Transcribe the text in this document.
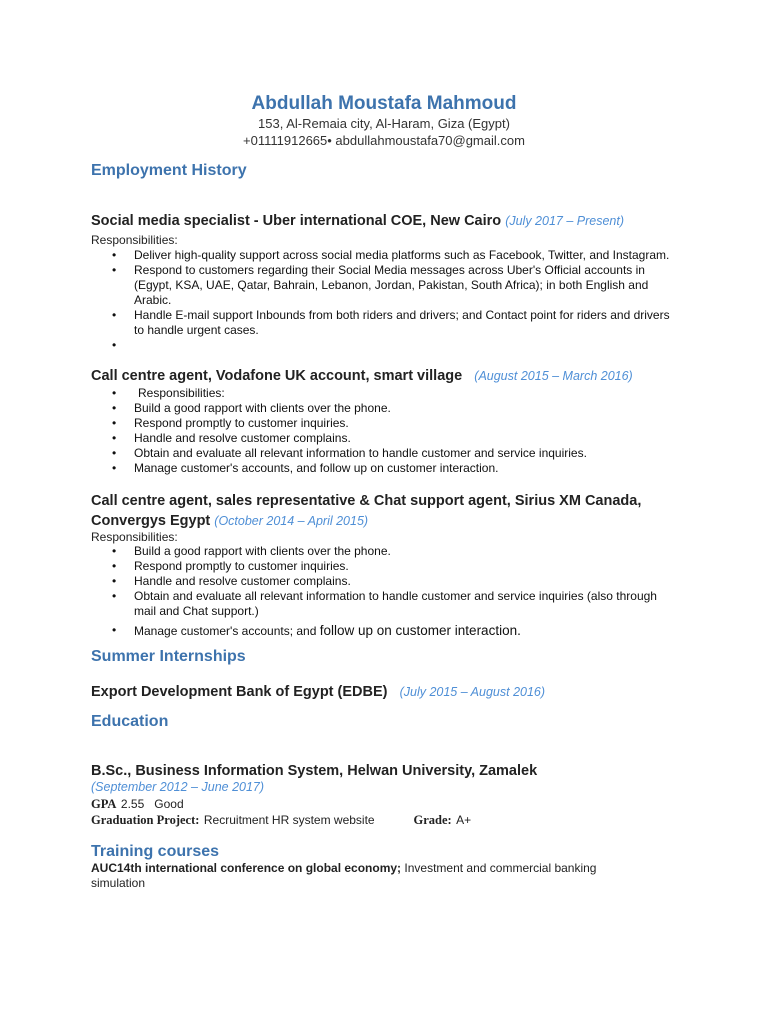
Abdullah Moustafa Mahmoud
153, Al-Remaia city, Al-Haram, Giza (Egypt)
+01111912665• abdullahmoustafa70@gmail.com
Employment History
Social media specialist - Uber international COE, New Cairo (July 2017 – Present)
Responsibilities:
• Deliver high-quality support across social media platforms such as Facebook, Twitter, and Instagram.
• Respond to customers regarding their Social Media messages across Uber's Official accounts in (Egypt, KSA, UAE, Qatar, Bahrain, Lebanon, Jordan, Pakistan, South Africa); in both English and Arabic.
• Handle E-mail support Inbounds from both riders and drivers; and Contact point for riders and drivers to handle urgent cases.
•
Call centre agent, Vodafone UK account, smart village (August 2015 – March 2016)
• Responsibilities:
• Build a good rapport with clients over the phone.
• Respond promptly to customer inquiries.
• Handle and resolve customer complains.
• Obtain and evaluate all relevant information to handle customer and service inquiries.
• Manage customer's accounts, and follow up on customer interaction.
Call centre agent, sales representative & Chat support agent, Sirius XM Canada,
Convergys Egypt (October 2014 – April 2015)
Responsibilities:
• Build a good rapport with clients over the phone.
• Respond promptly to customer inquiries.
• Handle and resolve customer complains.
• Obtain and evaluate all relevant information to handle customer and service inquiries (also through mail and Chat support.)
• Manage customer's accounts; and follow up on customer interaction.
Summer Internships
Export Development Bank of Egypt (EDBE) (July 2015 – August 2016)
Education
B.Sc., Business Information System, Helwan University, Zamalek
(September 2012 – June 2017)
GPA 2.55   Good
Graduation Project: Recruitment HR system website	Grade: A+
Training courses
AUC14th international conference on global economy; Investment and commercial banking simulation
